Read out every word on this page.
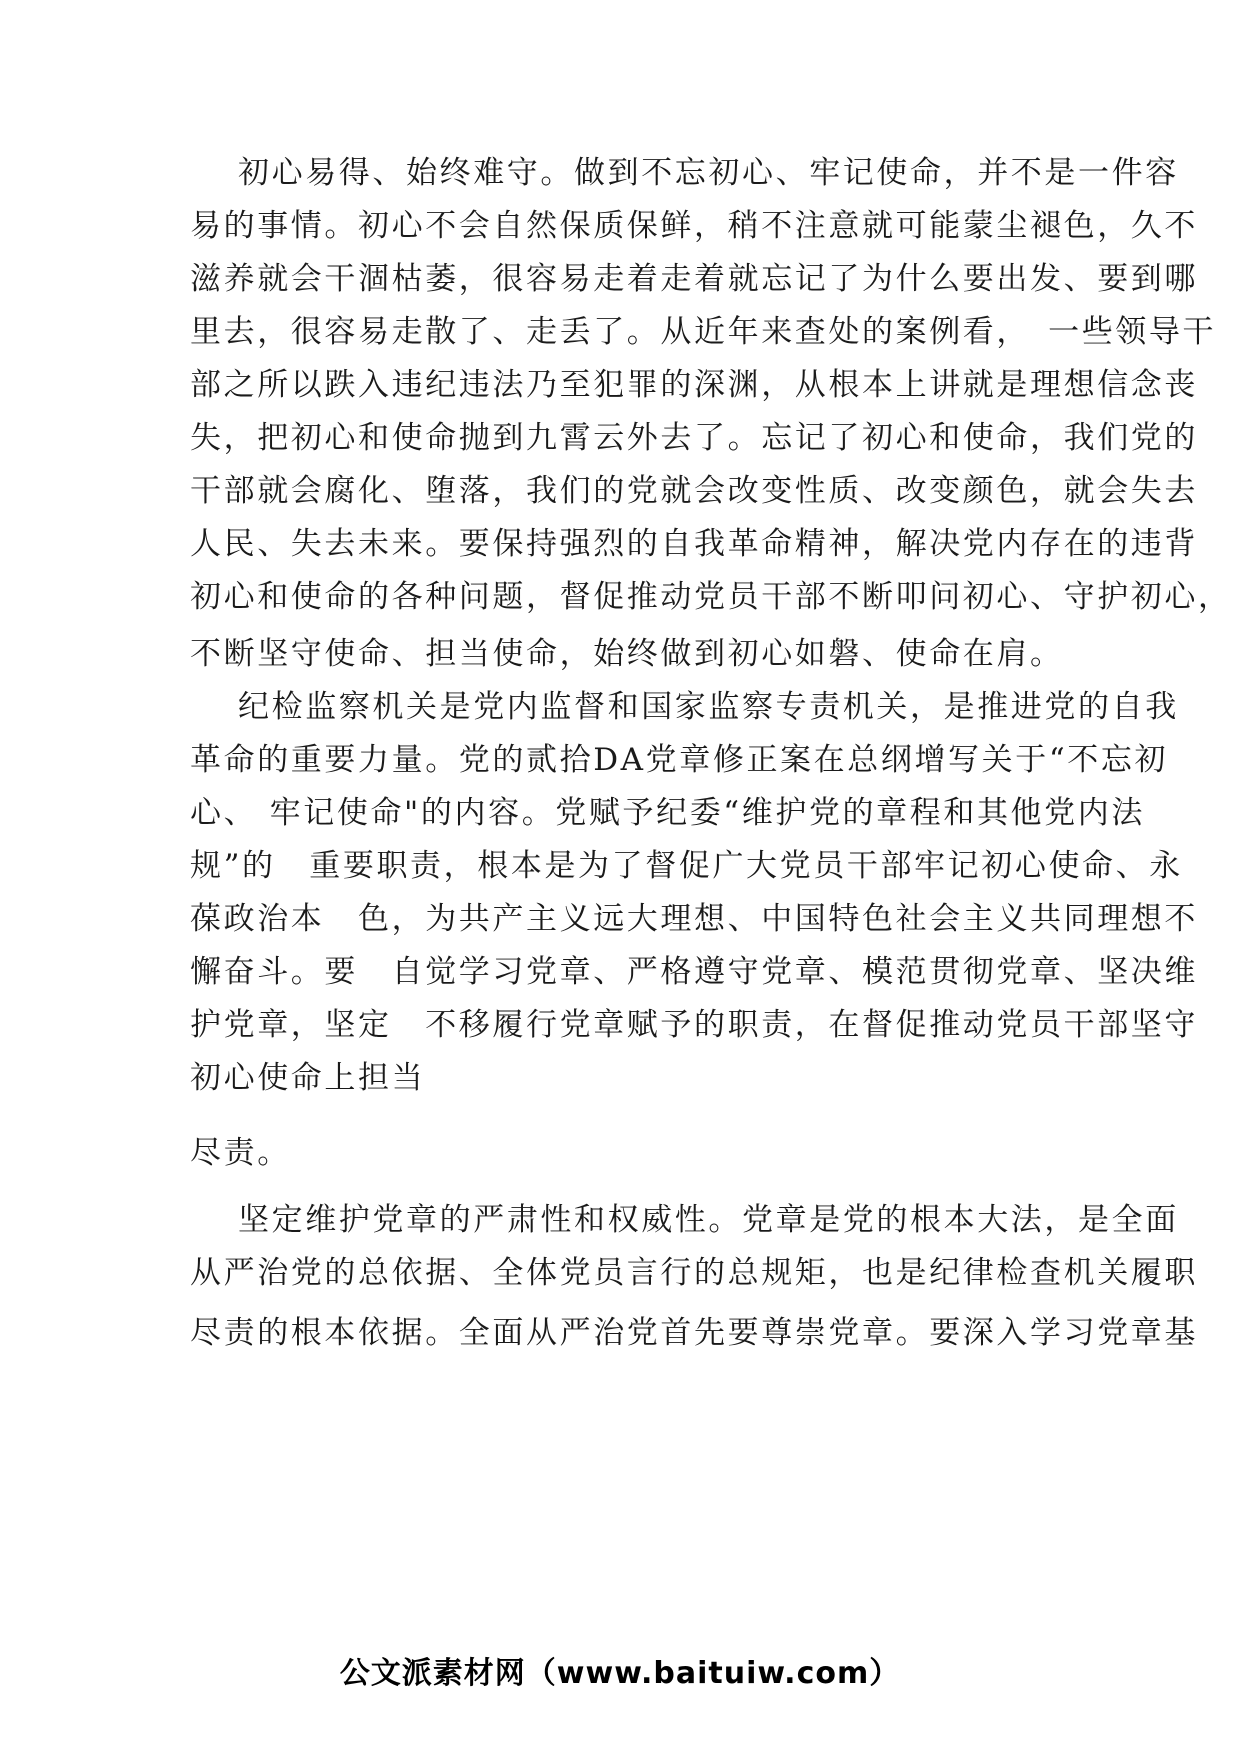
初心易得、始终难守。做到不忘初心、牢记使命，并不是一件容
易的事情。初心不会自然保质保鲜，稍不注意就可能蒙尘褪色，久不
滋养就会干涸枯萎，很容易走着走着就忘记了为什么要出发、要到哪
里去，很容易走散了、走丢了。从近年来查处的案例看，　一些领导干
部之所以跌入违纪违法乃至犯罪的深渊，从根本上讲就是理想信念丧
失，把初心和使命抛到九霄云外去了。忘记了初心和使命，我们党的
干部就会腐化、堕落，我们的党就会改变性质、改变颜色，就会失去
人民、失去未来。要保持强烈的自我革命精神，解决党内存在的违背
初心和使命的各种问题，督促推动党员干部不断叩问初心、守护初心，
不断坚守使命、担当使命，始终做到初心如磐、使命在肩。
纪检监察机关是党内监督和国家监察专责机关，是推进党的自我
革命的重要力量。党的贰拾DA党章修正案在总纲增写关于“不忘初
心、 牢记使命"的内容。党赋予纪委“维护党的章程和其他党内法
规”的　重要职责，根本是为了督促广大党员干部牢记初心使命、永
葆政治本　色，为共产主义远大理想、中国特色社会主义共同理想不
懈奋斗。要　自觉学习党章、严格遵守党章、模范贯彻党章、坚决维
护党章，坚定　不移履行党章赋予的职责，在督促推动党员干部坚守
初心使命上担当
尽责。
坚定维护党章的严肃性和权威性。党章是党的根本大法，是全面
从严治党的总依据、全体党员言行的总规矩，也是纪律检查机关履职
尽责的根本依据。全面从严治党首先要尊崇党章。要深入学习党章基
公文派素材网（www.baituiw.com）
